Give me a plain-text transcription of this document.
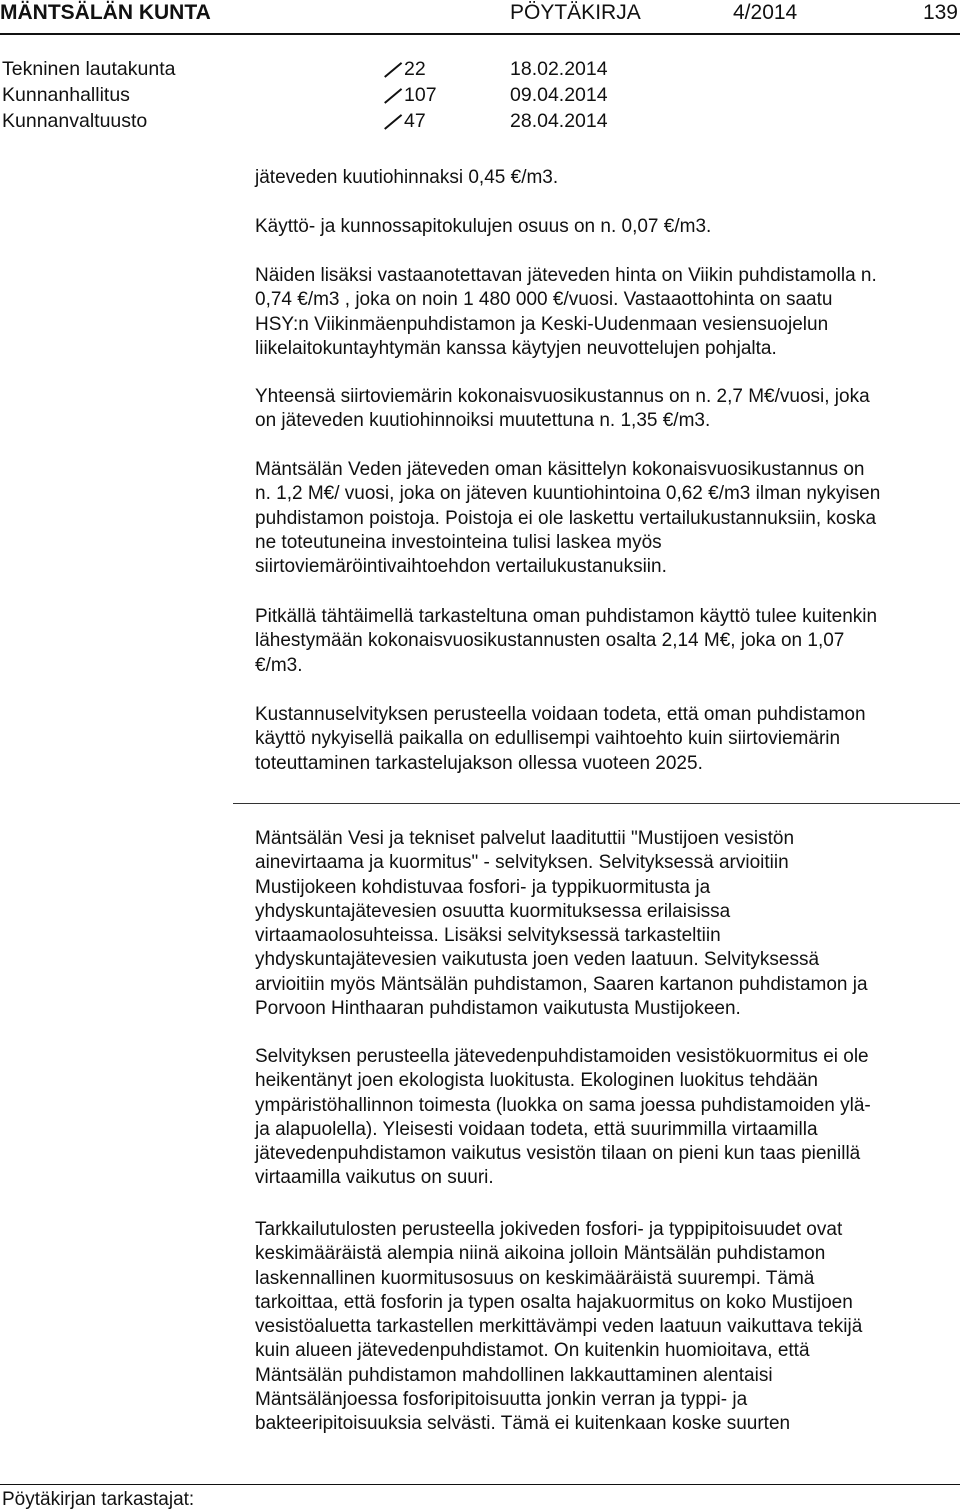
MÄNTSÄLÄN KUNTA	PÖYTÄKIRJA	4/2014	139
Tekninen lautakunta	22	18.02.2014
Kunnanhallitus	107	09.04.2014
Kunnanvaltuusto	47	28.04.2014

jäteveden kuutiohinnaksi 0,45 €/m3.

Käyttö- ja kunnossapitokulujen osuus on n. 0,07 €/m3.

Näiden lisäksi vastaanotettavan jäteveden hinta on Viikin puhdistamolla n.
0,74 €/m3 , joka on noin 1 480 000 €/vuosi. Vastaaottohinta on saatu
HSY:n Viikinmäenpuhdistamon ja Keski-Uudenmaan vesiensuojelun
liikelaitokuntayhtymän kanssa käytyjen neuvottelujen pohjalta.

Yhteensä siirtoviemärin kokonaisvuosikustannus on n. 2,7 M€/vuosi, joka
on jäteveden kuutiohinnoiksi muutettuna n. 1,35 €/m3.

Mäntsälän Veden jäteveden oman käsittelyn kokonaisvuosikustannus on
n. 1,2 M€/ vuosi, joka on jäteven kuuntiohintoina 0,62 €/m3 ilman nykyisen
puhdistamon poistoja. Poistoja ei ole laskettu vertailukustannuksiin, koska
ne toteutuneina investointeina tulisi laskea myös
siirtoviemäröintivaihtoehdon vertailukustanuksiin.

Pitkällä tähtäimellä tarkasteltuna oman puhdistamon käyttö tulee kuitenkin
lähestymään kokonaisvuosikustannusten osalta 2,14 M€, joka on 1,07
€/m3.

Kustannuselvityksen perusteella voidaan todeta, että oman puhdistamon
käyttö nykyisellä paikalla on edullisempi vaihtoehto kuin siirtoviemärin
toteuttaminen tarkastelujakson ollessa vuoteen 2025.

Mäntsälän Vesi ja tekniset palvelut laadituttii "Mustijoen vesistön
ainevirtaama ja kuormitus" - selvityksen. Selvityksessä arvioitiin
Mustijokeen kohdistuvaa fosfori- ja typpikuormitusta ja
yhdyskuntajätevesien osuutta kuormituksessa erilaisissa
virtaamaolosuhteissa. Lisäksi selvityksessä tarkasteltiin
yhdyskuntajätevesien vaikutusta joen veden laatuun. Selvityksessä
arvioitiin myös Mäntsälän puhdistamon, Saaren kartanon puhdistamon ja
Porvoon Hinthaaran puhdistamon vaikutusta Mustijokeen.

Selvityksen perusteella jätevedenpuhdistamoiden vesistökuormitus ei ole
heikentänyt joen ekologista luokitusta. Ekologinen luokitus tehdään
ympäristöhallinnon toimesta (luokka on sama joessa puhdistamoiden ylä-
ja alapuolella). Yleisesti voidaan todeta, että suurimmilla virtaamilla
jätevedenpuhdistamon vaikutus vesistön tilaan on pieni kun taas pienillä
virtaamilla vaikutus on suuri.

Tarkkailutulosten perusteella jokiveden fosfori- ja typpipitoisuudet ovat
keskimääräistä alempia niinä aikoina jolloin Mäntsälän puhdistamon
laskennallinen kuormitusosuus on keskimääräistä suurempi. Tämä
tarkoittaa, että fosforin ja typen osalta hajakuormitus on koko Mustijoen
vesistöaluetta tarkastellen merkittävämpi veden laatuun vaikuttava tekijä
kuin alueen jätevedenpuhdistamot. On kuitenkin huomioitava, että
Mäntsälän puhdistamon mahdollinen lakkauttaminen alentaisi
Mäntsälänjoessa fosforipitoisuutta jonkin verran ja typpi- ja
bakteeripitoisuuksia selvästi. Tämä ei kuitenkaan koske suurten

Pöytäkirjan tarkastajat:
